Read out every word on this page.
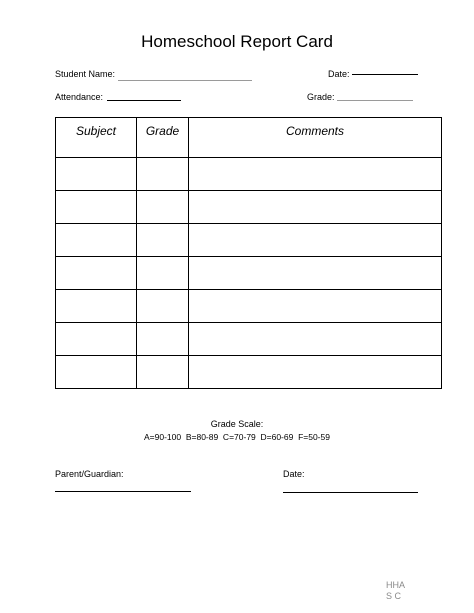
Homeschool Report Card
Student Name:	Date:
Attendance:	Grade:
Subject	Grade	Comments

Grade Scale:
A=90-100  B=80-89  C=70-79  D=60-69  F=50-59
Parent/Guardian:	Date:
HHAS C
